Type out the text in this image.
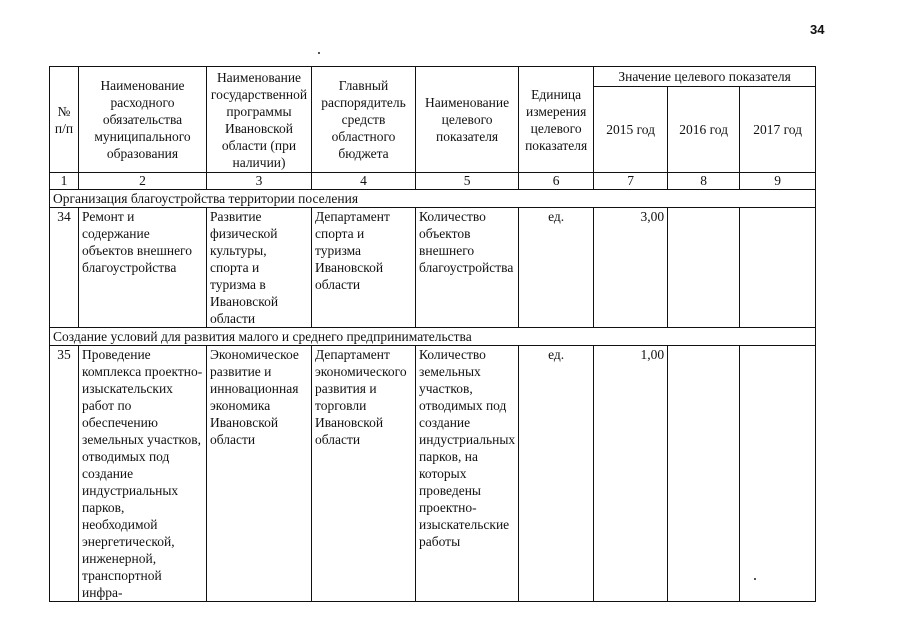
34
№ п/п	Наименование расходного обязательства муниципального образования	Наименование государственной программы Ивановской области (при наличии)	Главный распорядитель средств областного бюджета	Наименование целевого показателя	Единица измерения целевого показателя	Значение целевого показателя		
						2015 год	2016 год	2017 год
1	2	3	4	5	6	7	8	9
Организация благоустройства территории поселения								
34	Ремонт и содержание объектов внешнего благоустройства	Развитие физической культуры, спорта и туризма в Ивановской области	Департамент спорта и туризма Ивановской области	Количество объектов внешнего благоустройства	ед.	3,00		
Создание условий для развития малого и среднего предпринимательства								
35	Проведение комплекса проектно-изыскательских работ по обеспечению земельных участков, отводимых под создание индустриальных парков, необходимой энергетической, инженерной, транспортной инфра-	Экономическое развитие и инновационная экономика Ивановской области	Департамент экономического развития и торговли Ивановской области	Количество земельных участков, отводимых под создание индустриальных парков, на которых проведены проектно-изыскательские работы	ед.	1,00		
